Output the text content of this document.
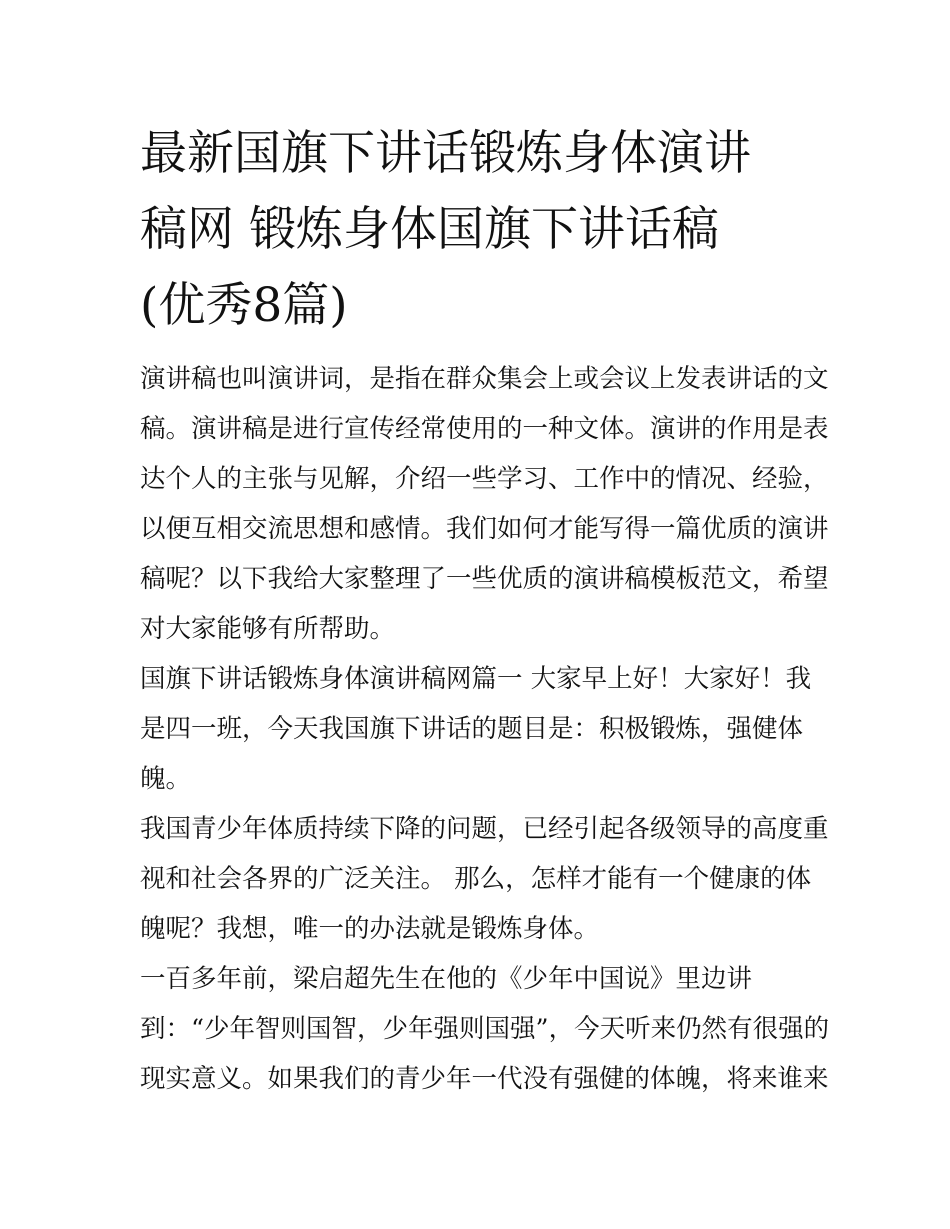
最新国旗下讲话锻炼身体演讲
稿网 锻炼身体国旗下讲话稿
(优秀8篇)

演讲稿也叫演讲词，是指在群众集会上或会议上发表讲话的文
稿。演讲稿是进行宣传经常使用的一种文体。演讲的作用是表
达个人的主张与见解，介绍一些学习、工作中的情况、经验，
以便互相交流思想和感情。我们如何才能写得一篇优质的演讲
稿呢？以下我给大家整理了一些优质的演讲稿模板范文，希望
对大家能够有所帮助。

国旗下讲话锻炼身体演讲稿网篇一 大家早上好！大家好！我
是四一班，今天我国旗下讲话的题目是：积极锻炼，强健体
魄。

我国青少年体质持续下降的问题，已经引起各级领导的高度重
视和社会各界的广泛关注。 那么，怎样才能有一个健康的体
魄呢？我想，唯一的办法就是锻炼身体。

一百多年前，梁启超先生在他的《少年中国说》里边讲
到：“少年智则国智，少年强则国强”，今天听来仍然有很强的
现实意义。如果我们的青少年一代没有强健的体魄，将来谁来
